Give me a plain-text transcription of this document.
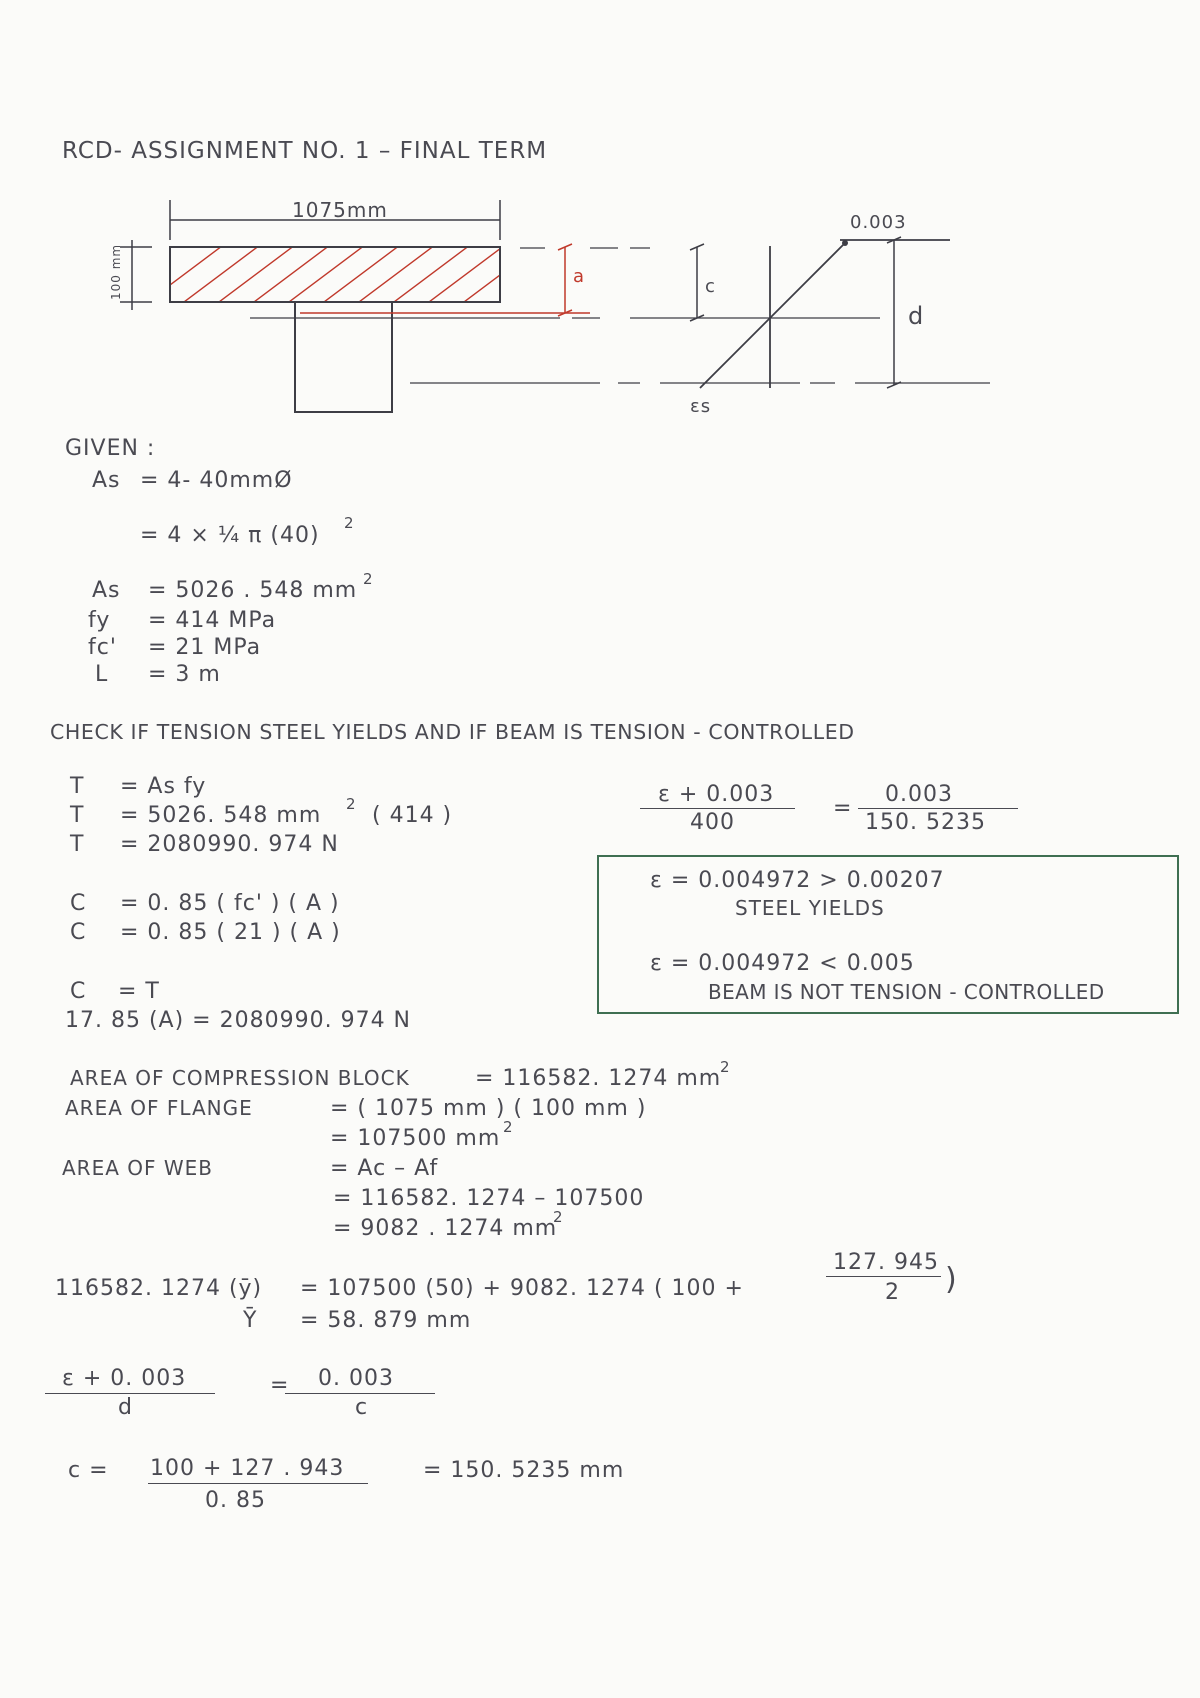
RCD- ASSIGNMENT NO. 1 – FINAL TERM
1075mm
100 mm	a	c
d
0.003
εs
GIVEN :
As = 4- 40mmØ
= 4 × ¼ π (40) 2
As = 5026 . 548 mm 2
fy = 414 MPa
fc' = 21 MPa
L = 3 m
CHECK IF TENSION STEEL YIELDS AND IF BEAM IS TENSION - CONTROLLED
T = As fy
T = 5026. 548 mm 2 ( 414 )
T = 2080990. 974 N
C = 0. 85 ( fc' ) ( A )
C = 0. 85 ( 21 ) ( A )
C = T
17. 85 (A) = 2080990. 974 N
ε + 0.003
400
=
0.003
150. 5235
ε = 0.004972 > 0.00207
STEEL YIELDS
ε = 0.004972 < 0.005
BEAM IS NOT TENSION - CONTROLLED
AREA OF COMPRESSION BLOCK	= 116582. 1274 mm
2
AREA OF FLANGE	= ( 1075 mm ) ( 100 mm )
= 107500 mm 2
AREA OF WEB	= Ac – Af
= 116582. 1274 – 107500
= 9082 . 1274 mm
2
116582. 1274 (ȳ) = 107500 (50) + 9082. 1274 ( 100 +
127. 945
2 )
Ȳ = 58. 879 mm
ε + 0. 003
d
= 0. 003
c
c = 100 + 127 . 943
0. 85
= 150. 5235 mm
